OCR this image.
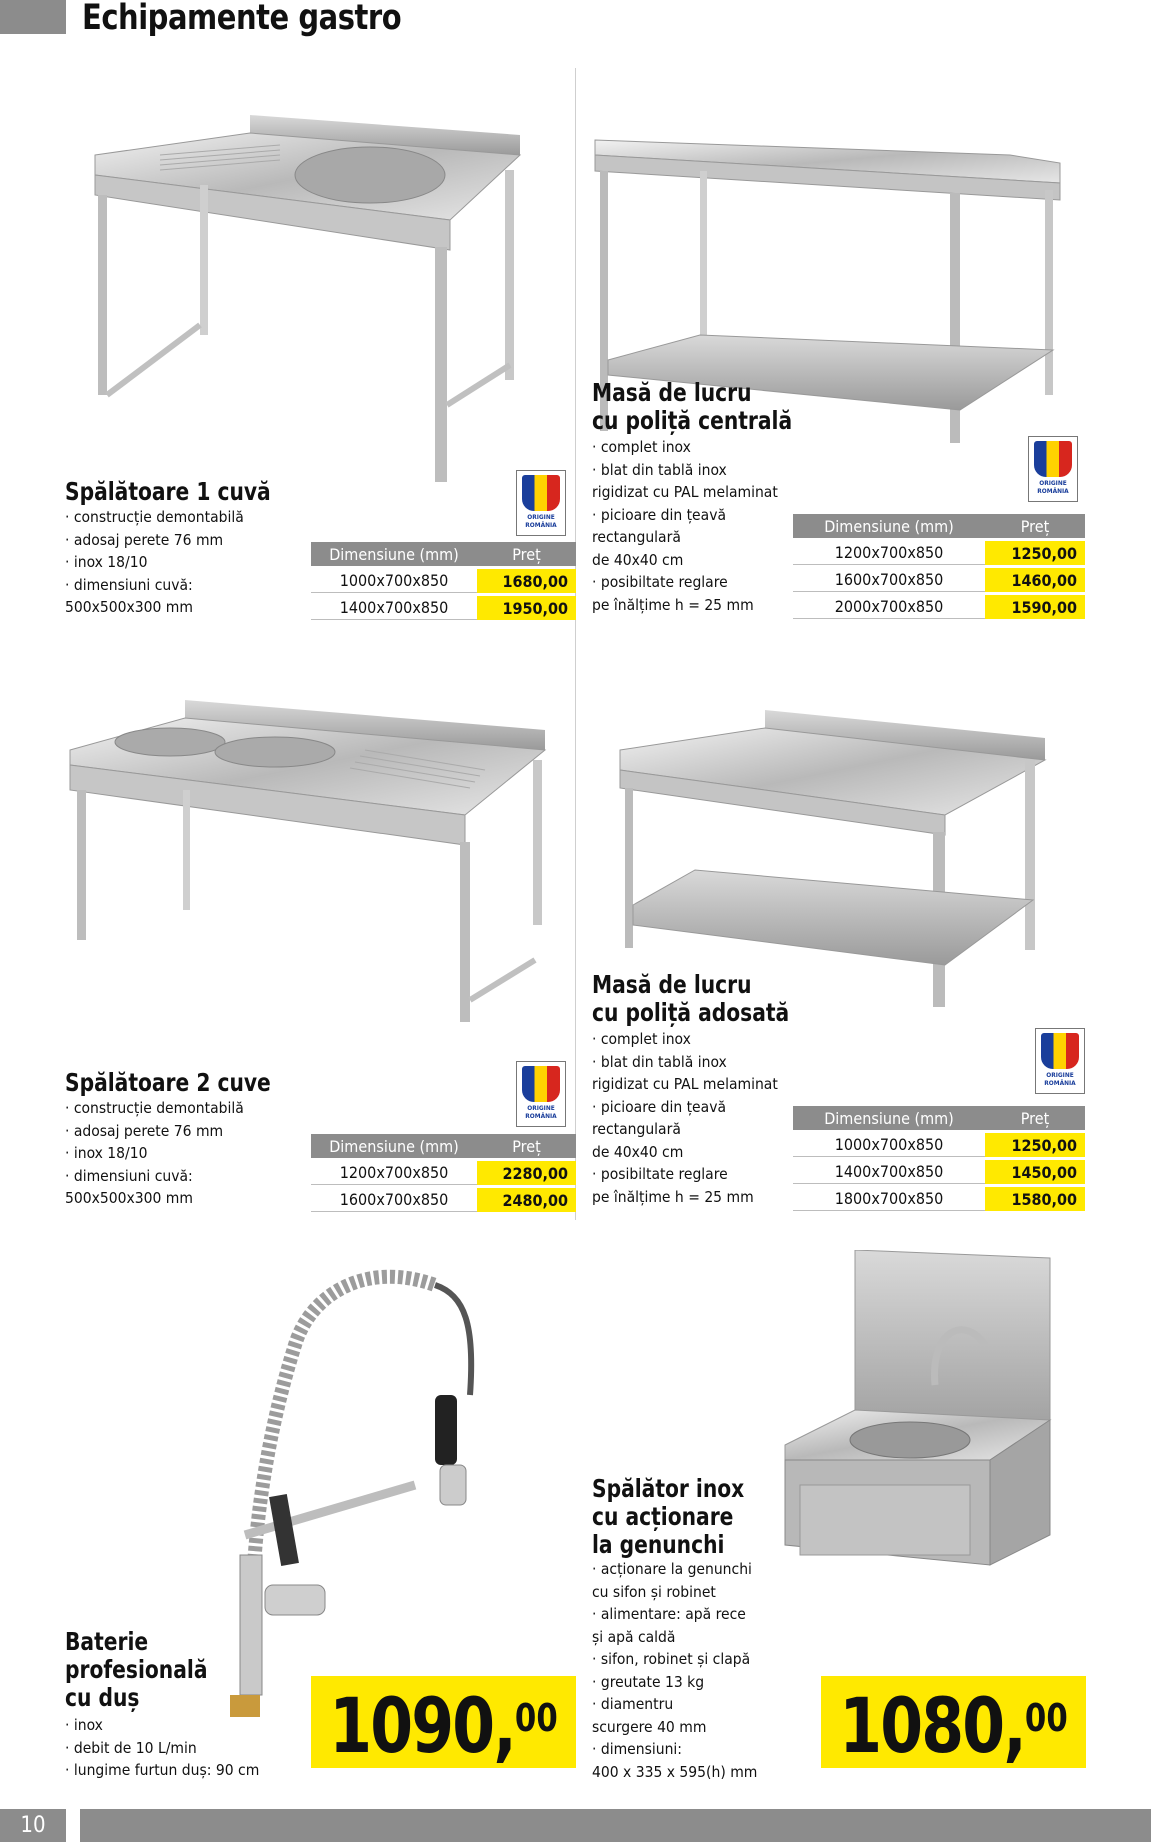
Echipamente gastro
Spălătoare 1 cuvă
· construcție demontabilă
· adosaj perete 76 mm
· inox 18/10
· dimensiuni cuvă:
500x500x300 mm
ORIGINE
ROMÂNIA
Dimensiune (mm)	Preț
1000x700x850	1680,00
1400x700x850	1950,00
Masă de lucru
cu poliță centrală
· complet inox
· blat din tablă inox
rigidizat cu PAL melaminat
· picioare din țeavă
rectangulară
de 40x40 cm
· posibiltate reglare
pe înălțime h = 25 mm
ORIGINE
ROMÂNIA
Dimensiune (mm)	Preț
1200x700x850	1250,00
1600x700x850	1460,00
2000x700x850	1590,00
Spălătoare 2 cuve
· construcție demontabilă
· adosaj perete 76 mm
· inox 18/10
· dimensiuni cuvă:
500x500x300 mm
ORIGINE
ROMÂNIA
Dimensiune (mm)	Preț
1200x700x850	2280,00
1600x700x850	2480,00
Masă de lucru
cu poliță adosată
· complet inox
· blat din tablă inox
rigidizat cu PAL melaminat
· picioare din țeavă
rectangulară
de 40x40 cm
· posibiltate reglare
pe înălțime h = 25 mm
ORIGINE
ROMÂNIA
Dimensiune (mm)	Preț
1000x700x850	1250,00
1400x700x850	1450,00
1800x700x850	1580,00
Baterie
profesională
cu duș
· inox
· debit de 10 L/min
· lungime furtun duș: 90 cm 1090,00
Spălător inox
cu acționare
la genunchi
· acționare la genunchi
cu sifon și robinet
· alimentare: apă rece
și apă caldă
· sifon, robinet și clapă
· greutate 13 kg
· diamentru
scurgere 40 mm
· dimensiuni:
400 x 335 x 595(h) mm
1080,00
10
